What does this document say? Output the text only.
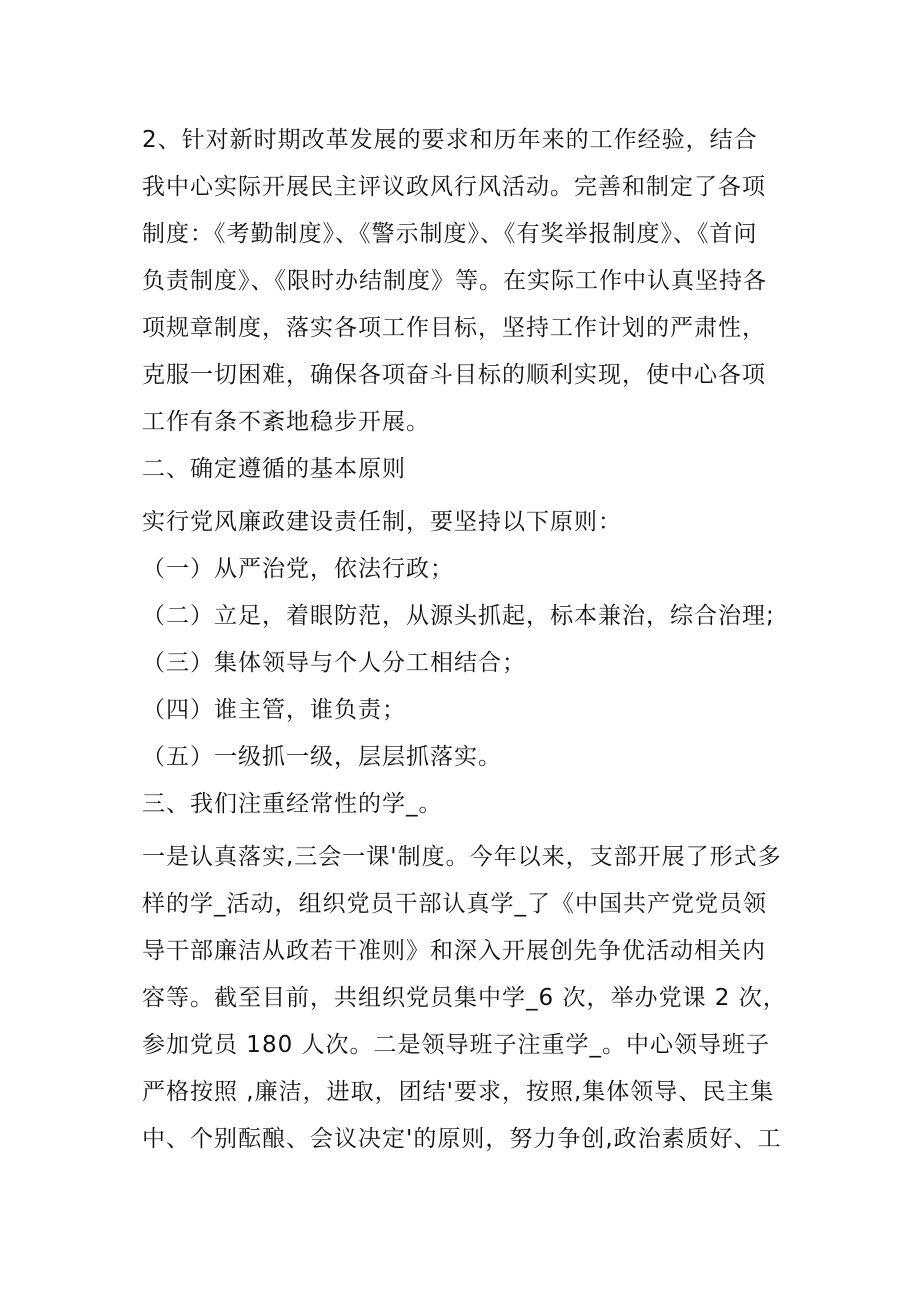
2、针对新时期改革发展的要求和历年来的工作经验，结合
我中心实际开展民主评议政风行风活动。完善和制定了各项
制度：《考勤制度》、《警示制度》、《有奖举报制度》、《首问
负责制度》、《限时办结制度》等。在实际工作中认真坚持各
项规章制度，落实各项工作目标，坚持工作计划的严肃性，
克服一切困难，确保各项奋斗目标的顺利实现，使中心各项
工作有条不紊地稳步开展。
二、确定遵循的基本原则
实行党风廉政建设责任制，要坚持以下原则：
（一）从严治党，依法行政；
（二）立足，着眼防范，从源头抓起，标本兼治，综合治理;
（三）集体领导与个人分工相结合；
（四）谁主管，谁负责；
（五）一级抓一级，层层抓落实。
三、我们注重经常性的学_。
一是认真落实,三会一课'制度。今年以来，支部开展了形式多
样的学_活动，组织党员干部认真学_了《中国共产党党员领
导干部廉洁从政若干准则》和深入开展创先争优活动相关内
容等。截至目前，共组织党员集中学_6 次，举办党课 2 次，
参加党员 180 人次。二是领导班子注重学_。中心领导班子
严格按照 ,廉洁，进取，团结'要求，按照,集体领导、民主集
中、个别酝酿、会议决定'的原则，努力争创,政治素质好、工
